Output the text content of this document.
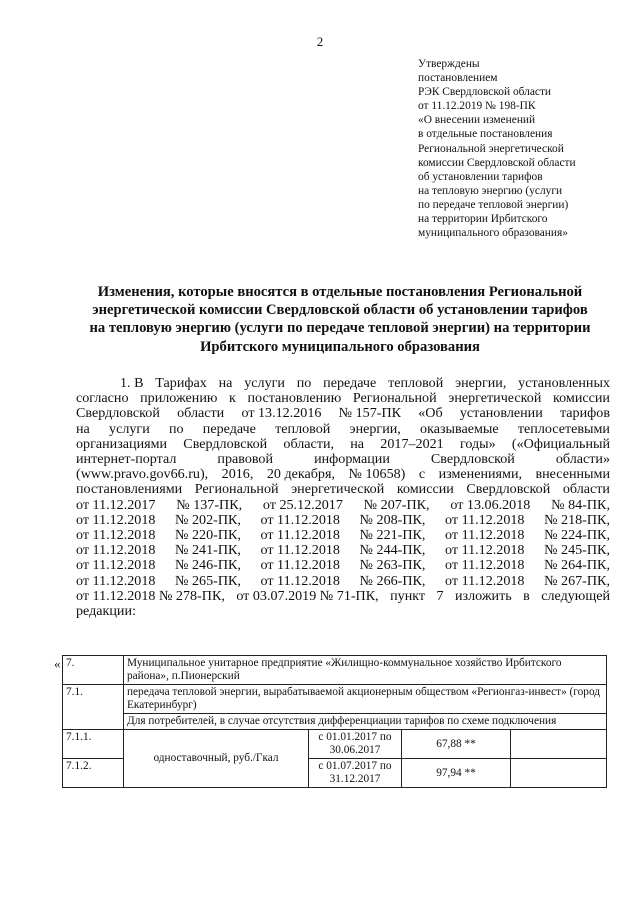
2
Утверждены
постановлением
РЭК Свердловской области
от 11.12.2019 № 198-ПК
«О внесении изменений
в отдельные постановления
Региональной энергетической
комиссии Свердловской области
об установлении тарифов
на тепловую энергию (услуги
по передаче тепловой энергии)
на территории Ирбитского
муниципального образования»
Изменения, которые вносятся в отдельные постановления Региональной
энергетической комиссии Свердловской области об установлении тарифов
на тепловую энергию (услуги по передаче тепловой энергии) на территории
Ирбитского муниципального образования
1. В Тарифах на услуги по передаче тепловой энергии, установленных
согласно приложению к постановлению Региональной энергетической комиссии
Свердловской области от 13.12.2016 № 157-ПК «Об установлении тарифов
на услуги по передаче тепловой энергии, оказываемые теплосетевыми
организациями Свердловской области, на 2017–2021 годы» («Официальный
интернет-портал	правовой	информации	Свердловской	области»
(www.pravo.gov66.ru), 2016, 20 декабря, № 10658) с изменениями, внесенными
постановлениями Региональной энергетической комиссии Свердловской области
от 11.12.2017 № 137-ПК, от 25.12.2017 № 207-ПК, от 13.06.2018 № 84-ПК,
от 11.12.2018 № 202-ПК, от 11.12.2018 № 208-ПК, от 11.12.2018 № 218-ПК,
от 11.12.2018 № 220-ПК, от 11.12.2018 № 221-ПК, от 11.12.2018 № 224-ПК,
от 11.12.2018 № 241-ПК, от 11.12.2018 № 244-ПК, от 11.12.2018 № 245-ПК,
от 11.12.2018 № 246-ПК, от 11.12.2018 № 263-ПК, от 11.12.2018 № 264-ПК,
от 11.12.2018 № 265-ПК, от 11.12.2018 № 266-ПК, от 11.12.2018 № 267-ПК,
от 11.12.2018 № 278-ПК, от 03.07.2019 № 71-ПК, пункт 7 изложить в следующей
редакции:
« 7.	Муниципальное унитарное предприятие «Жилищно-коммунальное хозяйство Ирбитского района», п.Пионерский			
7.1.	передача тепловой энергии, вырабатываемой акционерным обществом «Регионгаз-инвест» (город Екатеринбург)			
	Для потребителей, в случае отсутствия дифференциации тарифов по схеме подключения			
7.1.1.	одноставочный, руб./Гкал	с 01.01.2017 по 30.06.2017	67,88 **	
7.1.2.		с 01.07.2017 по 31.12.2017	97,94 **	
